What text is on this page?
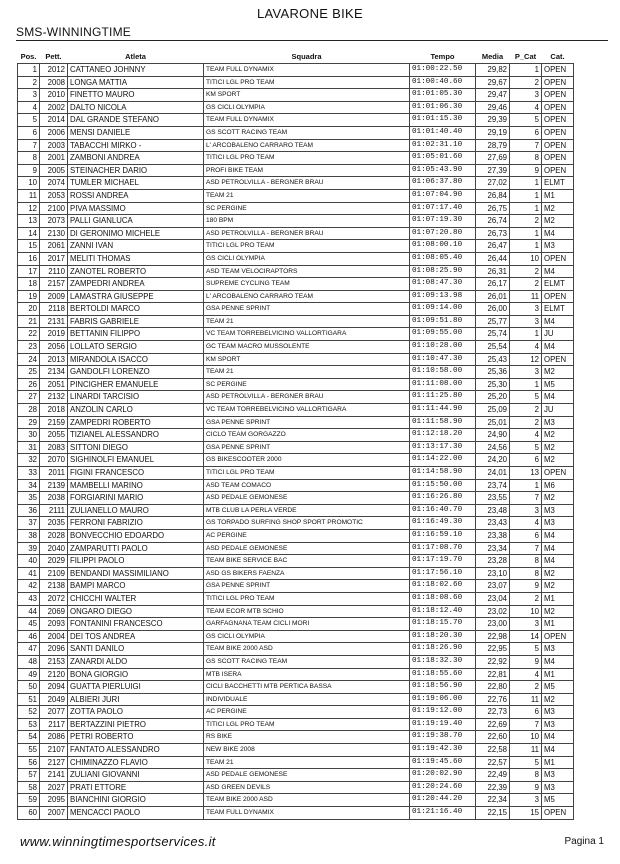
LAVARONE BIKE
SMS-WINNINGTIME
Pos.	Pett.	Atleta	Squadra	Tempo	Media	P_Cat	Cat.
1	2012	CATTANEO JOHNNY	TEAM FULL DYNAMIX	01:00:22.50	29,82	1	OPEN
2	2008	LONGA MATTIA	TITICI LGL PRO TEAM	01:00:40.60	29,67	2	OPEN
3	2010	FINETTO MAURO	KM SPORT	01:01:05.30	29,47	3	OPEN
4	2002	DALTO NICOLA	GS CICLI OLYMPIA	01:01:06.30	29,46	4	OPEN
5	2014	DAL GRANDE STEFANO	TEAM FULL DYNAMIX	01:01:15.30	29,39	5	OPEN
6	2006	MENSI DANIELE	GS SCOTT RACING TEAM	01:01:40.40	29,19	6	OPEN
7	2003	TABACCHI MIRKO -	L' ARCOBALENO CARRARO TEAM	01:02:31.10	28,79	7	OPEN
8	2001	ZAMBONI ANDREA	TITICI LGL PRO TEAM	01:05:01.60	27,69	8	OPEN
9	2005	STEINACHER DARIO	PROFI BIKE TEAM	01:05:43.90	27,39	9	OPEN
10	2074	TUMLER MICHAEL	ASD PETROLVILLA - BERGNER BRAU	01:06:37.80	27,02	1	ELMT
11	2053	ROSSI ANDREA	TEAM 21	01:07:04.90	26,84	1	M1
12	2100	PIVA MASSIMO	SC PERGINE	01:07:17.40	26,75	1	M2
13	2073	PALLI GIANLUCA	180 BPM	01:07:19.30	26,74	2	M2
14	2130	DI GERONIMO MICHELE	ASD PETROLVILLA - BERGNER BRAU	01:07:20.80	26,73	1	M4
15	2061	ZANNI IVAN	TITICI LGL PRO TEAM	01:08:00.10	26,47	1	M3
16	2017	MELITI THOMAS	GS CICLI OLYMPIA	01:08:05.40	26,44	10	OPEN
17	2110	ZANOTEL ROBERTO	ASD TEAM VELOCIRAPTORS	01:08:25.90	26,31	2	M4
18	2157	ZAMPEDRI ANDREA	SUPREME CYCLING TEAM	01:08:47.30	26,17	2	ELMT
19	2009	LAMASTRA GIUSEPPE	L' ARCOBALENO CARRARO TEAM	01:09:13.98	26,01	11	OPEN
20	2118	BERTOLDI MARCO	GSA PENNE SPRINT	01:09:14.00	26,00	3	ELMT
21	2131	FABRIS GABRIELE	TEAM 21	01:09:51.80	25,77	3	M4
22	2019	BETTANIN FILIPPO	VC TEAM TORREBELVICINO VALLORTIGARA	01:09:55.00	25,74	1	JU
23	2056	LOLLATO SERGIO	GC TEAM MACRO MUSSOLENTE	01:10:28.00	25,54	4	M4
24	2013	MIRANDOLA ISACCO	KM SPORT	01:10:47.30	25,43	12	OPEN
25	2134	GANDOLFI LORENZO	TEAM 21	01:10:58.00	25,36	3	M2
26	2051	PINCIGHER EMANUELE	SC PERGINE	01:11:08.00	25,30	1	M5
27	2132	LINARDI TARCISIO	ASD PETROLVILLA - BERGNER BRAU	01:11:25.80	25,20	5	M4
28	2018	ANZOLIN CARLO	VC TEAM TORREBELVICINO VALLORTIGARA	01:11:44.90	25,09	2	JU
29	2159	ZAMPEDRI ROBERTO	GSA PENNE SPRINT	01:11:58.90	25,01	2	M3
30	2055	TIZIANEL ALESSANDRO	CICLO TEAM GORGAZZO	01:12:18.20	24,90	4	M2
31	2083	SITTONI DIEGO	GSA PENNE SPRINT	01:13:17.30	24,56	5	M2
32	2070	SIGHINOLFI EMANUEL	GS BIKESCOOTER 2000	01:14:22.00	24,20	6	M2
33	2011	FIGINI FRANCESCO	TITICI LGL PRO TEAM	01:14:58.90	24,01	13	OPEN
34	2139	MAMBELLI MARINO	ASD TEAM COMACO	01:15:50.00	23,74	1	M6
35	2038	FORGIARINI MARIO	ASD PEDALE GEMONESE	01:16:26.80	23,55	7	M2
36	2111	ZULIANELLO MAURO	MTB CLUB LA PERLA VERDE	01:16:40.70	23,48	3	M3
37	2035	FERRONI FABRIZIO	GS TORPADO SURFING SHOP SPORT PROMOTIC	01:16:49.30	23,43	4	M3
38	2028	BONVECCHIO EDOARDO	AC PERGINE	01:16:59.10	23,38	6	M4
39	2040	ZAMPARUTTI PAOLO	ASD PEDALE GEMONESE	01:17:08.70	23,34	7	M4
40	2029	FILIPPI PAOLO	TEAM BIKE SERVICE BAC	01:17:19.70	23,28	8	M4
41	2109	BENDANDI MASSIMILIANO	ASD GS BIKERS FAENZA	01:17:56.10	23,10	8	M2
42	2138	BAMPI MARCO	GSA PENNE SPRINT	01:18:02.60	23,07	9	M2
43	2072	CHICCHI WALTER	TITICI LGL PRO TEAM	01:18:08.60	23,04	2	M1
44	2069	ONGARO DIEGO	TEAM ECOR MTB SCHIO	01:18:12.40	23,02	10	M2
45	2093	FONTANINI FRANCESCO	GARFAGNANA TEAM CICLI MORI	01:18:15.70	23,00	3	M1
46	2004	DEI TOS ANDREA	GS CICLI OLYMPIA	01:18:20.30	22,98	14	OPEN
47	2096	SANTI DANILO	TEAM BIKE 2000 ASD	01:18:26.90	22,95	5	M3
48	2153	ZANARDI ALDO	GS SCOTT RACING TEAM	01:18:32.30	22,92	9	M4
49	2120	BONA GIORGIO	MTB ISERA	01:18:55.60	22,81	4	M1
50	2094	GUATTA PIERLUIGI	CICLI BACCHETTI MTB PERTICA BASSA	01:18:56.90	22,80	2	M5
51	2049	ALBIERI JURI	INDIVIDUALE	01:19:06.00	22,76	11	M2
52	2077	ZOTTA PAOLO	AC PERGINE	01:19:12.00	22,73	6	M3
53	2117	BERTAZZINI PIETRO	TITICI LGL PRO TEAM	01:19:19.40	22,69	7	M3
54	2086	PETRI ROBERTO	RS BIKE	01:19:38.70	22,60	10	M4
55	2107	FANTATO ALESSANDRO	NEW BIKE 2008	01:19:42.30	22,58	11	M4
56	2127	CHIMINAZZO FLAVIO	TEAM 21	01:19:45.60	22,57	5	M1
57	2141	ZULIANI GIOVANNI	ASD PEDALE GEMONESE	01:20:02.90	22,49	8	M3
58	2027	PRATI ETTORE	ASD GREEN DEVILS	01:20:24.60	22,39	9	M3
59	2095	BIANCHINI GIORGIO	TEAM BIKE 2000 ASD	01:20:44.20	22,34	3	M5
60	2007	MENCACCI PAOLO	TEAM FULL DYNAMIX	01:21:16.40	22,15	15	OPEN
www.winningtimesportservices.it	Pagina 1
